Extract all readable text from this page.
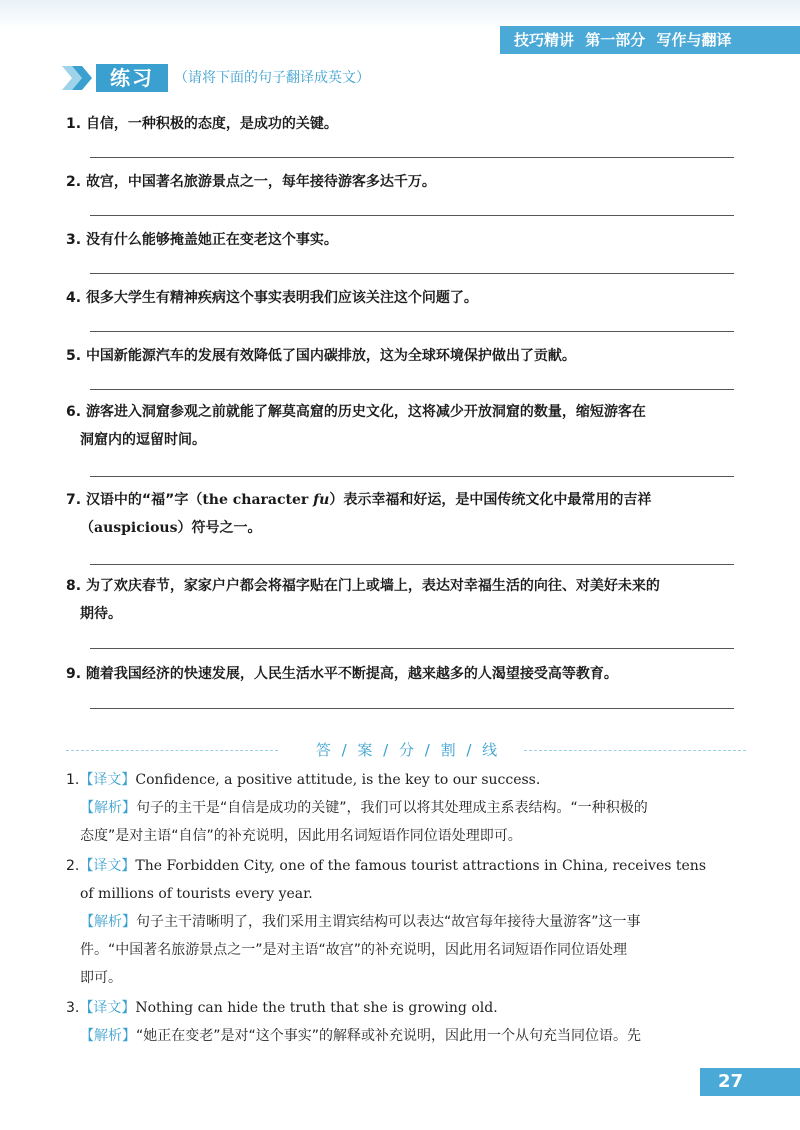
技巧精讲 第一部分 写作与翻译
练习	（请将下面的句子翻译成英文）
1. 自信，一种积极的态度，是成功的关键。
2. 故宫，中国著名旅游景点之一，每年接待游客多达千万。
3. 没有什么能够掩盖她正在变老这个事实。
4. 很多大学生有精神疾病这个事实表明我们应该关注这个问题了。
5. 中国新能源汽车的发展有效降低了国内碳排放，这为全球环境保护做出了贡献。
6. 游客进入洞窟参观之前就能了解莫高窟的历史文化，这将减少开放洞窟的数量，缩短游客在
洞窟内的逗留时间。
7. 汉语中的“福”字（the character fu）表示幸福和好运，是中国传统文化中最常用的吉祥
（auspicious）符号之一。
8. 为了欢庆春节，家家户户都会将福字贴在门上或墙上，表达对幸福生活的向往、对美好未来的
期待。
9. 随着我国经济的快速发展，人民生活水平不断提高，越来越多的人渴望接受高等教育。
答 / 案 / 分 / 割 / 线
1.【译文】Confidence, a positive attitude, is the key to our success.
【解析】句子的主干是“自信是成功的关键”，我们可以将其处理成主系表结构。“一种积极的
态度”是对主语“自信”的补充说明，因此用名词短语作同位语处理即可。
2.【译文】The Forbidden City, one of the famous tourist attractions in China, receives tens
of millions of tourists every year.
【解析】句子主干清晰明了，我们采用主谓宾结构可以表达“故宫每年接待大量游客”这一事
件。“中国著名旅游景点之一”是对主语“故宫”的补充说明，因此用名词短语作同位语处理
即可。
3.【译文】Nothing can hide the truth that she is growing old.
【解析】“她正在变老”是对“这个事实”的解释或补充说明，因此用一个从句充当同位语。先
27
